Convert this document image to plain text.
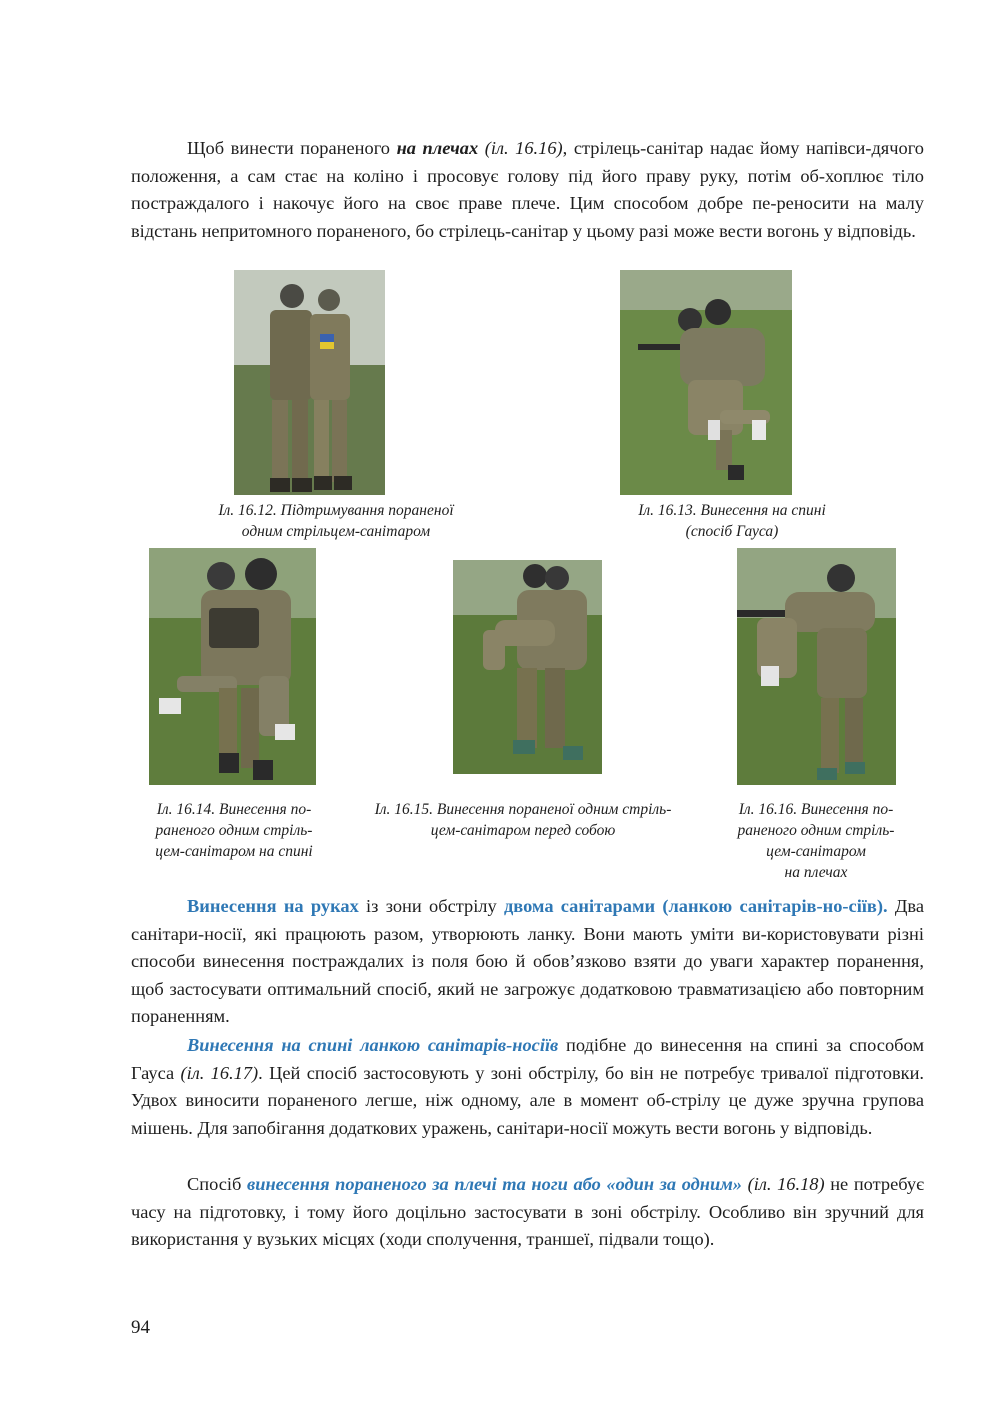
Щоб винести пораненого на плечах (іл. 16.16), стрілець-санітар надає йому напівси-дячого положення, а сам стає на коліно і просовує голову під його праву руку, потім об-хоплює тіло постраждалого і накочує його на своє праве плече. Цим способом добре пе-реносити на малу відстань непритомного пораненого, бо стрілець-санітар у цьому разі може вести вогонь у відповідь.

Іл. 16.12. Підтримування пораненої
одним стрільцем-санітаром
Іл. 16.13. Винесення на спині
(спосіб Гауса)
Іл. 16.14. Винесення по-
раненого одним стріль-
цем-санітаром на спині
Іл. 16.15. Винесення пораненої одним стріль-
цем-санітаром перед собою
Іл. 16.16. Винесення по-
раненого одним стріль-
цем-санітаром
на плечах

Винесення на руках із зони обстрілу двома санітарами (ланкою санітарів-но-сіїв). Два санітари-носії, які працюють разом, утворюють ланку. Вони мають уміти ви-користовувати різні способи винесення постраждалих із поля бою й обов’язково взяти до уваги характер поранення, щоб застосувати оптимальний спосіб, який не загрожує додатковою травматизацією або повторним пораненням.

Винесення на спині ланкою санітарів-носіїв подібне до винесення на спині за способом Гауса (іл. 16.17). Цей спосіб застосовують у зоні обстрілу, бо він не потребує тривалої підготовки. Удвох виносити пораненого легше, ніж одному, але в момент об-стрілу це дуже зручна групова мішень. Для запобігання додаткових уражень, санітари-носії можуть вести вогонь у відповідь.

Спосіб винесення пораненого за плечі та ноги або «один за одним» (іл. 16.18) не потребує часу на підготовку, і тому його доцільно застосувати в зоні обстрілу. Особливо він зручний для використання у вузьких місцях (ходи сполучення, траншеї, підвали тощо).

94
